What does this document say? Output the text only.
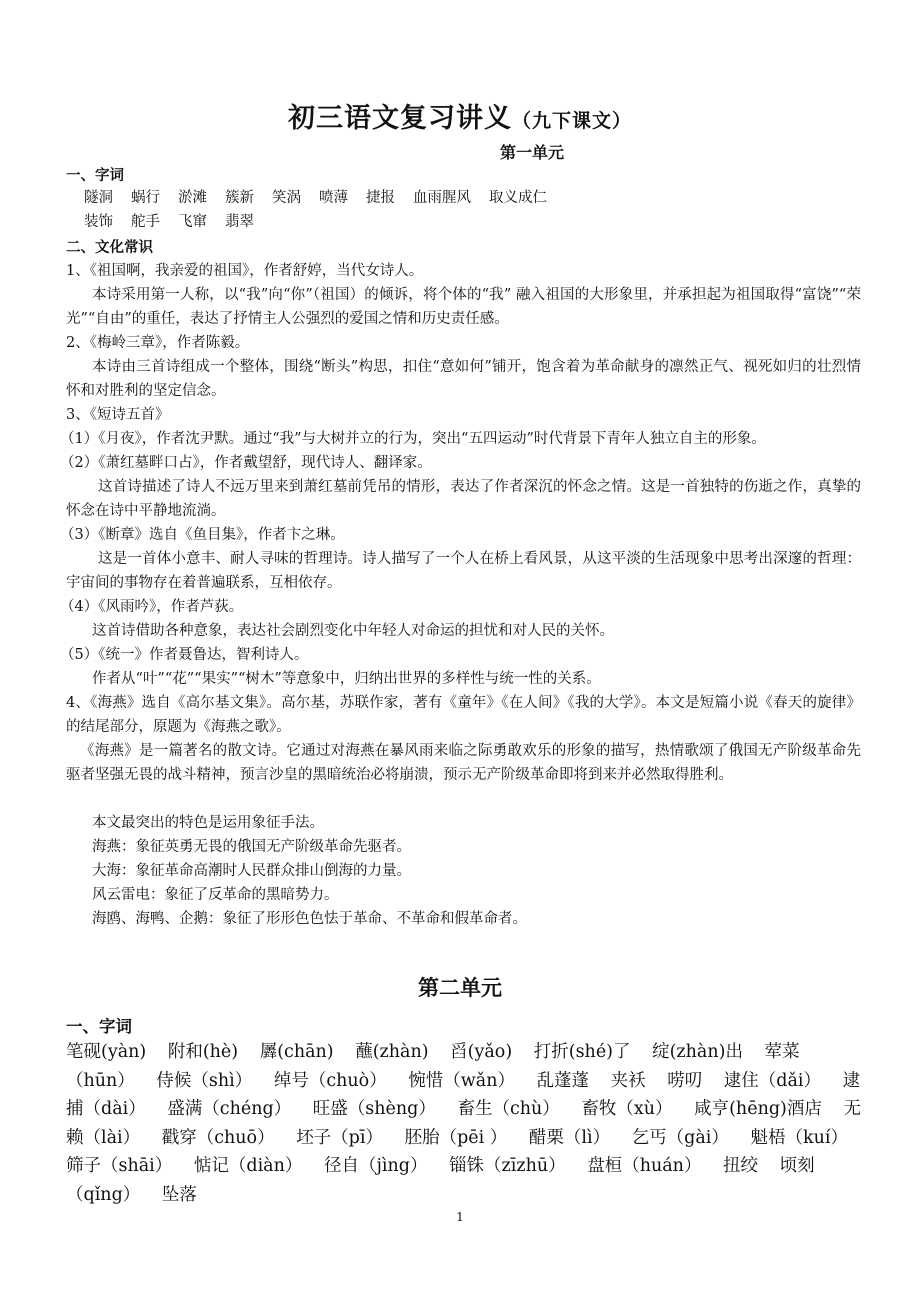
初三语文复习讲义（九下课文）
第一单元
一、字词
隧洞 蜗行 淤滩 簇新 笑涡 喷薄 捷报 血雨腥风 取义成仁
装饰 舵手 飞窜 翡翠
二、文化常识
1、《祖国啊，我亲爱的祖国》，作者舒婷，当代女诗人。
本诗采用第一人称，以“我”向“你”（祖国）的倾诉，将个体的“我” 融入祖国的大形象里，并承担起为祖国取得“富饶”“荣光”“自由”的重任，表达了抒情主人公强烈的爱国之情和历史责任感。
2、《梅岭三章》，作者陈毅。
本诗由三首诗组成一个整体，围绕“断头”构思，扣住“意如何”铺开，饱含着为革命献身的凛然正气、视死如归的壮烈情怀和对胜利的坚定信念。
3、《短诗五首》
（1）《月夜》，作者沈尹默。通过“我”与大树并立的行为，突出“五四运动”时代背景下青年人独立自主的形象。
（2）《萧红墓畔口占》，作者戴望舒，现代诗人、翻译家。
这首诗描述了诗人不远万里来到萧红墓前凭吊的情形，表达了作者深沉的怀念之情。这是一首独特的伤逝之作，真挚的怀念在诗中平静地流淌。
（3）《断章》选自《鱼目集》，作者卞之琳。
这是一首体小意丰、耐人寻味的哲理诗。诗人描写了一个人在桥上看风景，从这平淡的生活现象中思考出深邃的哲理：宇宙间的事物存在着普遍联系，互相依存。
（4）《风雨吟》，作者芦荻。
这首诗借助各种意象，表达社会剧烈变化中年轻人对命运的担忧和对人民的关怀。
（5）《统一》作者聂鲁达，智利诗人。
作者从“叶”“花”“果实”“树木”等意象中，归纳出世界的多样性与统一性的关系。
4、《海燕》选自《高尔基文集》。高尔基，苏联作家，著有《童年》《在人间》《我的大学》。本文是短篇小说《春天的旋律》的结尾部分，原题为《海燕之歌》。
《海燕》是一篇著名的散文诗。它通过对海燕在暴风雨来临之际勇敢欢乐的形象的描写，热情歌颂了俄国无产阶级革命先驱者坚强无畏的战斗精神，预言沙皇的黑暗统治必将崩溃，预示无产阶级革命即将到来并必然取得胜利。
本文最突出的特色是运用象征手法。
海燕：象征英勇无畏的俄国无产阶级革命先驱者。
大海：象征革命高潮时人民群众排山倒海的力量。
风云雷电：象征了反革命的黑暗势力。
海鸥、海鸭、企鹅：象征了形形色色怯于革命、不革命和假革命者。
第二单元
一、字词
笔砚(yàn) 附和(hè) 羼(chān) 蘸(zhàn) 舀(yǎo) 打折(shé)了 绽(zhàn)出 荤菜（hūn） 侍候（shì） 绰号（chuò） 惋惜（wǎn） 乱蓬蓬 夹袄 唠叨 逮住（dǎi） 逮捕（dài） 盛满（chéng） 旺盛（shèng） 畜生（chù） 畜牧（xù） 咸亨(hēng)酒店 无赖（lài） 戳穿（chuō） 坯子（pī） 胚胎（pēi ） 醋栗（lì） 乞丐（gài） 魁梧（kuí） 筛子（shāi） 惦记（diàn） 径自（jìng） 锱铢（zīzhū） 盘桓（huán） 扭绞 顷刻（qǐng） 坠落
1
